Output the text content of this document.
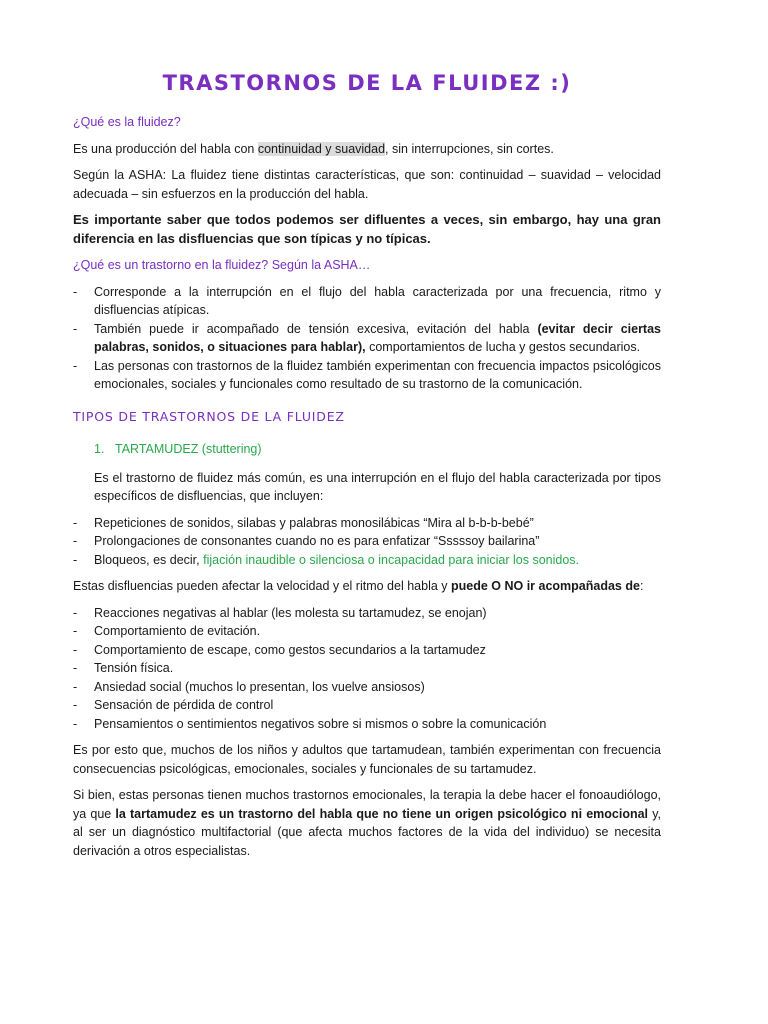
TRASTORNOS DE LA FLUIDEZ :)
¿Qué es la fluidez?

Es una producción del habla con continuidad y suavidad, sin interrupciones, sin cortes.

Según la ASHA: La fluidez tiene distintas características, que son: continuidad – suavidad – velocidad adecuada – sin esfuerzos en la producción del habla.

Es importante saber que todos podemos ser difluentes a veces, sin embargo, hay una gran diferencia en las disfluencias que son típicas y no típicas.

¿Qué es un trastorno en la fluidez? Según la ASHA…
- Corresponde a la interrupción en el flujo del habla caracterizada por una frecuencia, ritmo y disfluencias atípicas.
- También puede ir acompañado de tensión excesiva, evitación del habla (evitar decir ciertas palabras, sonidos, o situaciones para hablar), comportamientos de lucha y gestos secundarios.
- Las personas con trastornos de la fluidez también experimentan con frecuencia impactos psicológicos emocionales, sociales y funcionales como resultado de su trastorno de la comunicación.
TIPOS DE TRASTORNOS DE LA FLUIDEZ
1. TARTAMUDEZ (stuttering)

Es el trastorno de fluidez más común, es una interrupción en el flujo del habla caracterizada por tipos específicos de disfluencias, que incluyen:

- Repeticiones de sonidos, silabas y palabras monosilábicas “Mira al b-b-b-bebé”
- Prolongaciones de consonantes cuando no es para enfatizar “Sssssoy bailarina”
- Bloqueos, es decir, fijación inaudible o silenciosa o incapacidad para iniciar los sonidos.

Estas disfluencias pueden afectar la velocidad y el ritmo del habla y puede O NO ir acompañadas de:

- Reacciones negativas al hablar (les molesta su tartamudez, se enojan)
- Comportamiento de evitación.
- Comportamiento de escape, como gestos secundarios a la tartamudez
- Tensión física.
- Ansiedad social (muchos lo presentan, los vuelve ansiosos)
- Sensación de pérdida de control
- Pensamientos o sentimientos negativos sobre si mismos o sobre la comunicación

Es por esto que, muchos de los niños y adultos que tartamudean, también experimentan con frecuencia consecuencias psicológicas, emocionales, sociales y funcionales de su tartamudez.

Si bien, estas personas tienen muchos trastornos emocionales, la terapia la debe hacer el fonoaudiólogo, ya que la tartamudez es un trastorno del habla que no tiene un origen psicológico ni emocional y, al ser un diagnóstico multifactorial (que afecta muchos factores de la vida del individuo) se necesita derivación a otros especialistas.
